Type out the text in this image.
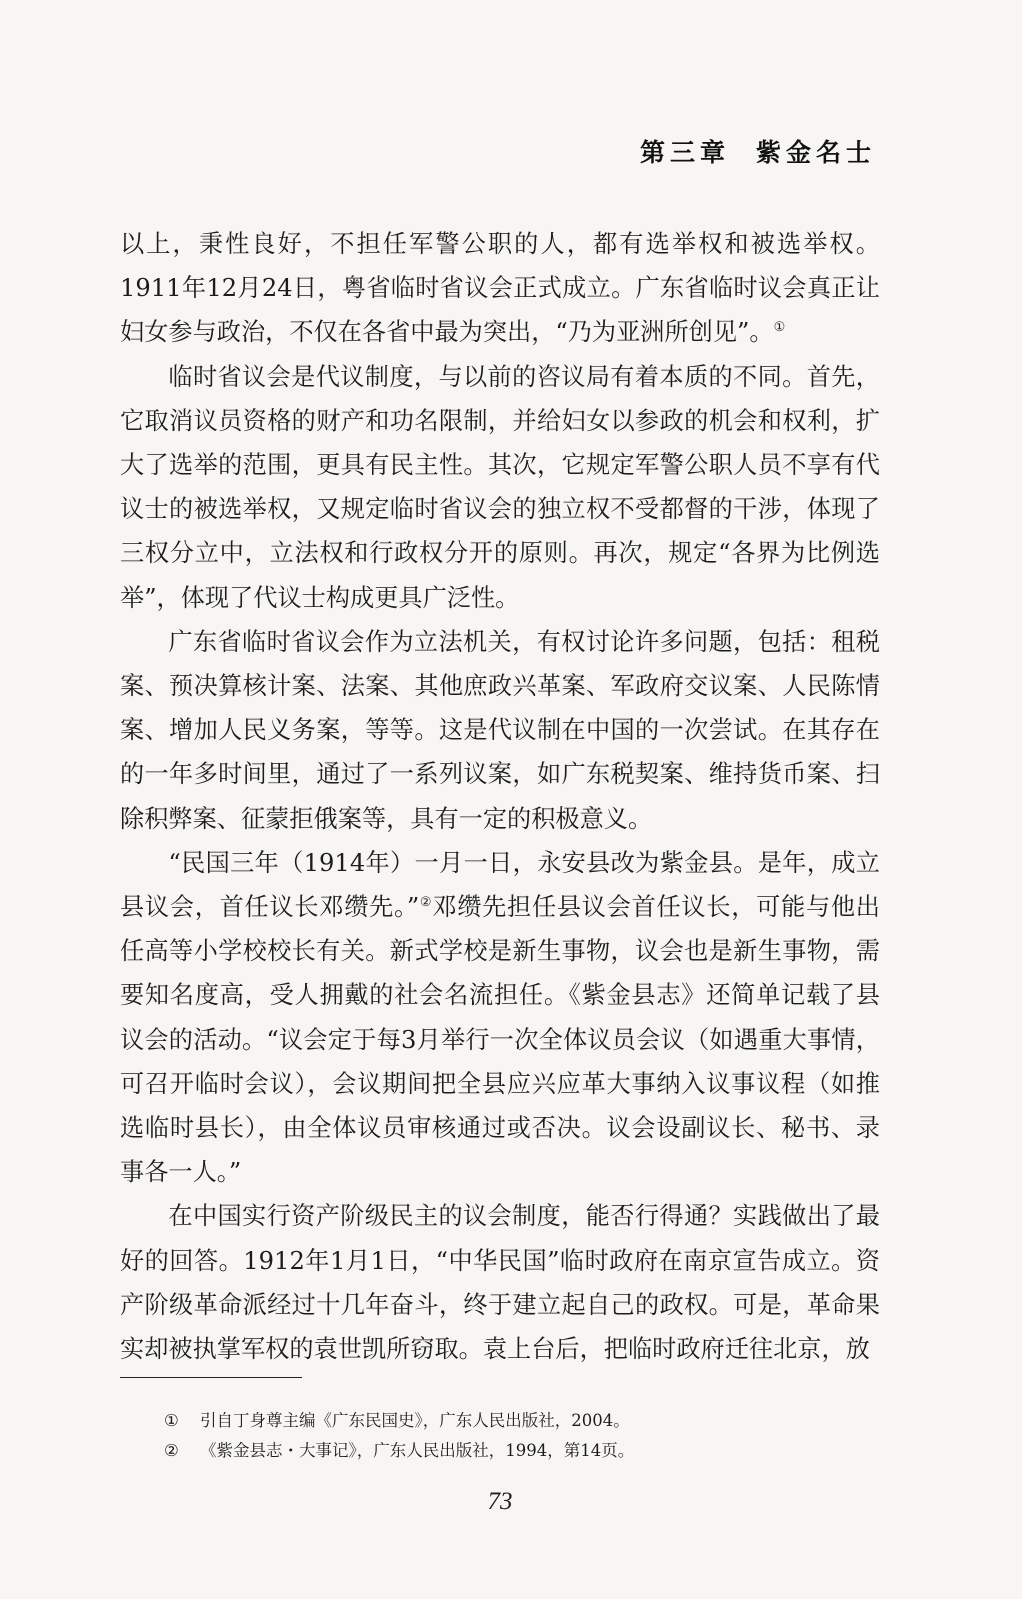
第三章 紫金名士

以上，秉性良好，不担任军警公职的人，都有选举权和被选举权。1911年12月24日，粤省临时省议会正式成立。广东省临时议会真正让妇女参与政治，不仅在各省中最为突出，“乃为亚洲所创见”。①

临时省议会是代议制度，与以前的咨议局有着本质的不同。首先，它取消议员资格的财产和功名限制，并给妇女以参政的机会和权利，扩大了选举的范围，更具有民主性。其次，它规定军警公职人员不享有代议士的被选举权，又规定临时省议会的独立权不受都督的干涉，体现了三权分立中，立法权和行政权分开的原则。再次，规定“各界为比例选举”，体现了代议士构成更具广泛性。

广东省临时省议会作为立法机关，有权讨论许多问题，包括：租税案、预决算核计案、法案、其他庶政兴革案、军政府交议案、人民陈情案、增加人民义务案，等等。这是代议制在中国的一次尝试。在其存在的一年多时间里，通过了一系列议案，如广东税契案、维持货币案、扫除积弊案、征蒙拒俄案等，具有一定的积极意义。

“民国三年（1914年）一月一日，永安县改为紫金县。是年，成立县议会，首任议长邓缵先。”②邓缵先担任县议会首任议长，可能与他出任高等小学校校长有关。新式学校是新生事物，议会也是新生事物，需要知名度高，受人拥戴的社会名流担任。《紫金县志》还简单记载了县议会的活动。“议会定于每3月举行一次全体议员会议（如遇重大事情，可召开临时会议），会议期间把全县应兴应革大事纳入议事议程（如推选临时县长），由全体议员审核通过或否决。议会设副议长、秘书、录事各一人。”

在中国实行资产阶级民主的议会制度，能否行得通？实践做出了最好的回答。1912年1月1日，“中华民国”临时政府在南京宣告成立。资产阶级革命派经过十几年奋斗，终于建立起自己的政权。可是，革命果实却被执掌军权的袁世凯所窃取。袁上台后，把临时政府迁往北京，放

① 引自丁身尊主编《广东民国史》，广东人民出版社，2004。
② 《紫金县志・大事记》，广东人民出版社，1994，第14页。
73
